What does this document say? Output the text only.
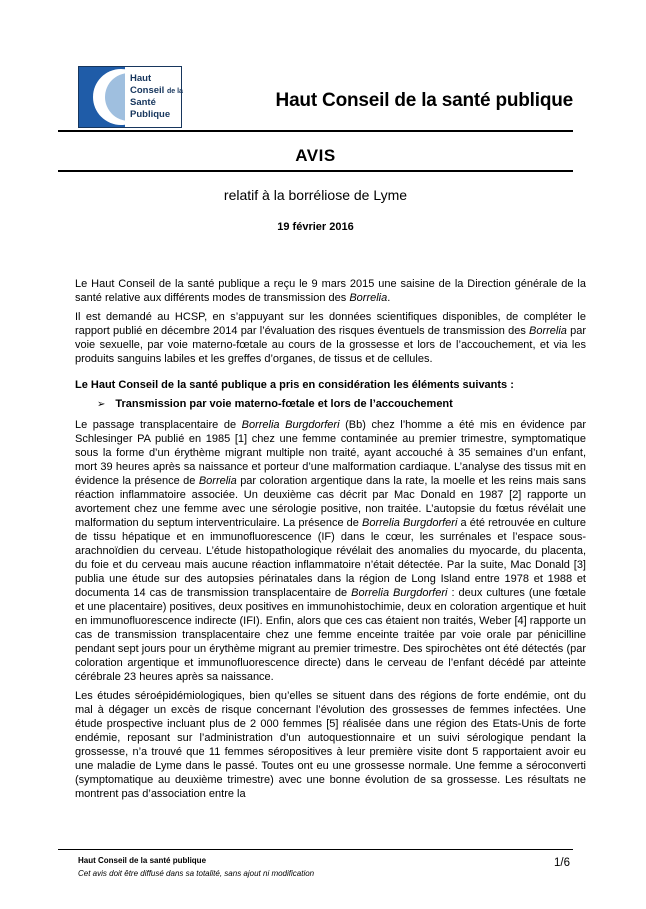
Haut
Conseil de la
Santé
Publique
Haut Conseil de la santé publique
AVIS
relatif à la borréliose de Lyme
19 février 2016

Le Haut Conseil de la santé publique a reçu le 9 mars 2015 une saisine de la Direction générale de la santé relative aux différents modes de transmission des Borrelia.

Il est demandé au HCSP, en s’appuyant sur les données scientifiques disponibles, de compléter le rapport publié en décembre 2014 par l’évaluation des risques éventuels de transmission des Borrelia par voie sexuelle, par voie materno-fœtale au cours de la grossesse et lors de l’accouchement, et via les produits sanguins labiles et les greffes d’organes, de tissus et de cellules.

Le Haut Conseil de la santé publique a pris en considération les éléments suivants :

➢ Transmission par voie materno-fœtale et lors de l’accouchement

Le passage transplacentaire de Borrelia Burgdorferi (Bb) chez l’homme a été mis en évidence par Schlesinger PA publié en 1985 [1] chez une femme contaminée au premier trimestre, symptomatique sous la forme d’un érythème migrant multiple non traité, ayant accouché à 35 semaines d’un enfant, mort 39 heures après sa naissance et porteur d’une malformation cardiaque. L’analyse des tissus mit en évidence la présence de Borrelia par coloration argentique dans la rate, la moelle et les reins mais sans réaction inflammatoire associée. Un deuxième cas décrit par Mac Donald en 1987 [2] rapporte un avortement chez une femme avec une sérologie positive, non traitée. L’autopsie du fœtus révélait une malformation du septum interventriculaire. La présence de Borrelia Burgdorferi a été retrouvée en culture de tissu hépatique et en immunofluorescence (IF) dans le cœur, les surrénales et l’espace sous-arachnoïdien du cerveau. L’étude histopathologique révélait des anomalies du myocarde, du placenta, du foie et du cerveau mais aucune réaction inflammatoire n’était détectée. Par la suite, Mac Donald [3] publia une étude sur des autopsies périnatales dans la région de Long Island entre 1978 et 1988 et documenta 14 cas de transmission transplacentaire de Borrelia Burgdorferi : deux cultures (une fœtale et une placentaire) positives, deux positives en immunohistochimie, deux en coloration argentique et huit en immunofluorescence indirecte (IFI). Enfin, alors que ces cas étaient non traités, Weber [4] rapporte un cas de transmission transplacentaire chez une femme enceinte traitée par voie orale par pénicilline pendant sept jours pour un érythème migrant au premier trimestre. Des spirochètes ont été détectés (par coloration argentique et immunofluorescence directe) dans le cerveau de l’enfant décédé par atteinte cérébrale 23 heures après sa naissance.

Les études séroépidémiologiques, bien qu’elles se situent dans des régions de forte endémie, ont du mal à dégager un excès de risque concernant l’évolution des grossesses de femmes infectées. Une étude prospective incluant plus de 2 000 femmes [5] réalisée dans une région des Etats-Unis de forte endémie, reposant sur l’administration d’un autoquestionnaire et un suivi sérologique pendant la grossesse, n’a trouvé que 11 femmes séropositives à leur première visite dont 5 rapportaient avoir eu une maladie de Lyme dans le passé. Toutes ont eu une grossesse normale. Une femme a séroconverti (symptomatique au deuxième trimestre) avec une bonne évolution de sa grossesse. Les résultats ne montrent pas d’association entre la

Haut Conseil de la santé publique
Cet avis doit être diffusé dans sa totalité, sans ajout ni modification
1/6
